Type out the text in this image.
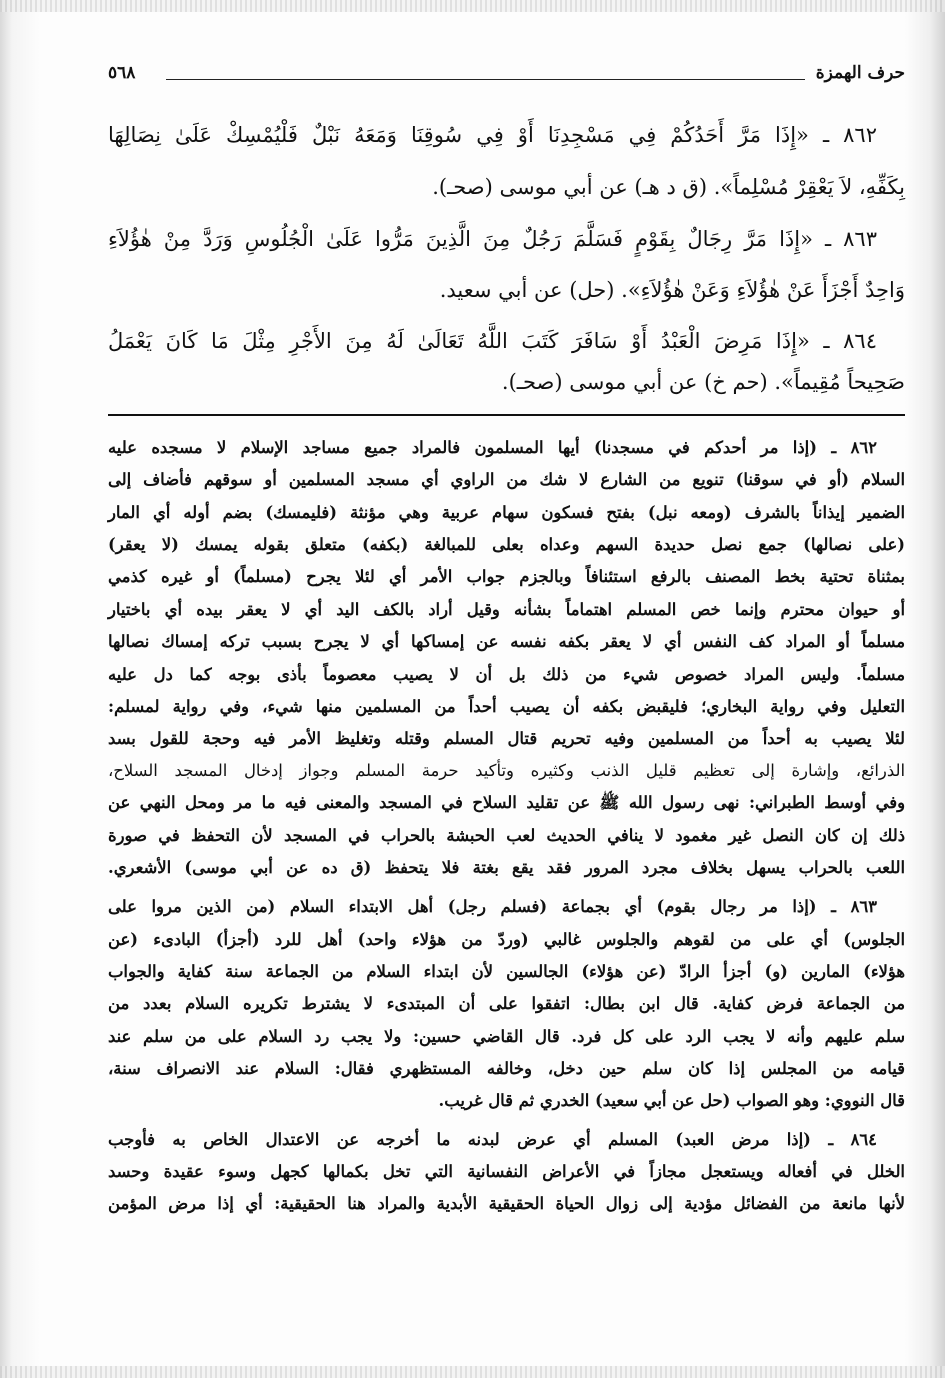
حرف الهمزة
٥٦٨
٨٦٢ ـ «إِذَا مَرَّ أَحَدُكُمْ فِي مَسْجِدِنَا أَوْ فِي سُوقِنَا وَمَعَهُ نَبْلٌ فَلْيُمْسِكْ عَلَىٰ نِصَالِهَا
بِكَفِّهِ، لاَ يَعْقِرْ مُسْلِماً». (ق د هـ) عن أبي موسى (صحـ).
٨٦٣ ـ «إِذَا مَرَّ رِجَالٌ بِقَوْمٍ فَسَلَّمَ رَجُلٌ مِنَ الَّذِينَ مَرُّوا عَلَىٰ الْجُلُوسِ وَرَدَّ مِنْ هٰؤُلاَءِ
وَاحِدٌ أَجْزَأَ عَنْ هٰؤُلاَءِ وَعَنْ هٰؤُلاَءِ». (حل) عن أبي سعيد.
٨٦٤ ـ «إِذَا مَرِضَ الْعَبْدُ أَوْ سَافَرَ كَتَبَ اللَّهُ تَعَالَىٰ لَهُ مِنَ الأَجْرِ مِثْلَ مَا كَانَ يَعْمَلُ
صَحِيحاً مُقِيماً». (حم خ) عن أبي موسى (صحـ).
٨٦٢ ـ (إذا مر أحدكم في مسجدنا) أيها المسلمون فالمراد جميع مساجد الإسلام لا مسجده عليه
السلام (أو في سوقنا) تنويع من الشارع لا شك من الراوي أي مسجد المسلمين أو سوقهم فأضاف إلى
الضمير إيذاناً بالشرف (ومعه نبل) بفتح فسكون سهام عربية وهي مؤنثة (فليمسك) بضم أوله أي المار
(على نصالها) جمع نصل حديدة السهم وعداه بعلى للمبالغة (بكفه) متعلق بقوله يمسك (لا يعقر)
بمثناة تحتية بخط المصنف بالرفع استئنافاً وبالجزم جواب الأمر أي لئلا يجرح (مسلماً) أو غيره كذمي
أو حيوان محترم وإنما خص المسلم اهتماماً بشأنه وقيل أراد بالكف اليد أي لا يعقر بيده أي باختيار
مسلماً أو المراد كف النفس أي لا يعقر بكفه نفسه عن إمساكها أي لا يجرح بسبب تركه إمساك نصالها
مسلماً. وليس المراد خصوص شيء من ذلك بل أن لا يصيب معصوماً بأذى بوجه كما دل عليه
التعليل وفي رواية البخاري؛ فليقبض بكفه أن يصيب أحداً من المسلمين منها شيء، وفي رواية لمسلم:
لئلا يصيب به أحداً من المسلمين وفيه تحريم قتال المسلم وقتله وتغليظ الأمر فيه وحجة للقول بسد
الذرائع، وإشارة إلى تعظيم قليل الذنب وكثيره وتأكيد حرمة المسلم وجواز إدخال المسجد السلاح،
وفي أوسط الطبراني: نهى رسول الله ﷺ عن تقليد السلاح في المسجد والمعنى فيه ما مر ومحل النهي عن
ذلك إن كان النصل غير مغمود لا ينافي الحديث لعب الحبشة بالحراب في المسجد لأن التحفظ في صورة
اللعب بالحراب يسهل بخلاف مجرد المرور فقد يقع بغتة فلا يتحفظ (ق ده عن أبي موسى) الأشعري.
٨٦٣ ـ (إذا مر رجال بقوم) أي بجماعة (فسلم رجل) أهل الابتداء السلام (من الذين مروا على
الجلوس) أي على من لقوهم والجلوس غالبي (وردّ من هؤلاء واحد) أهل للرد (أجزأ) البادىء (عن
هؤلاء) المارين (و) أجزأ الرادّ (عن هؤلاء) الجالسين لأن ابتداء السلام من الجماعة سنة كفاية والجواب
من الجماعة فرض كفاية. قال ابن بطال: اتفقوا على أن المبتدىء لا يشترط تكريره السلام بعدد من
سلم عليهم وأنه لا يجب الرد على كل فرد. قال القاضي حسين: ولا يجب رد السلام على من سلم عند
قيامه من المجلس إذا كان سلم حين دخل، وخالفه المستظهري فقال: السلام عند الانصراف سنة،
قال النووي: وهو الصواب (حل عن أبي سعيد) الخدري ثم قال غريب.
٨٦٤ ـ (إذا مرض العبد) المسلم أي عرض لبدنه ما أخرجه عن الاعتدال الخاص به فأوجب
الخلل في أفعاله ويستعجل مجازاً في الأعراض النفسانية التي تخل بكمالها كجهل وسوء عقيدة وحسد
لأنها مانعة من الفضائل مؤدية إلى زوال الحياة الحقيقية الأبدية والمراد هنا الحقيقية: أي إذا مرض المؤمن
